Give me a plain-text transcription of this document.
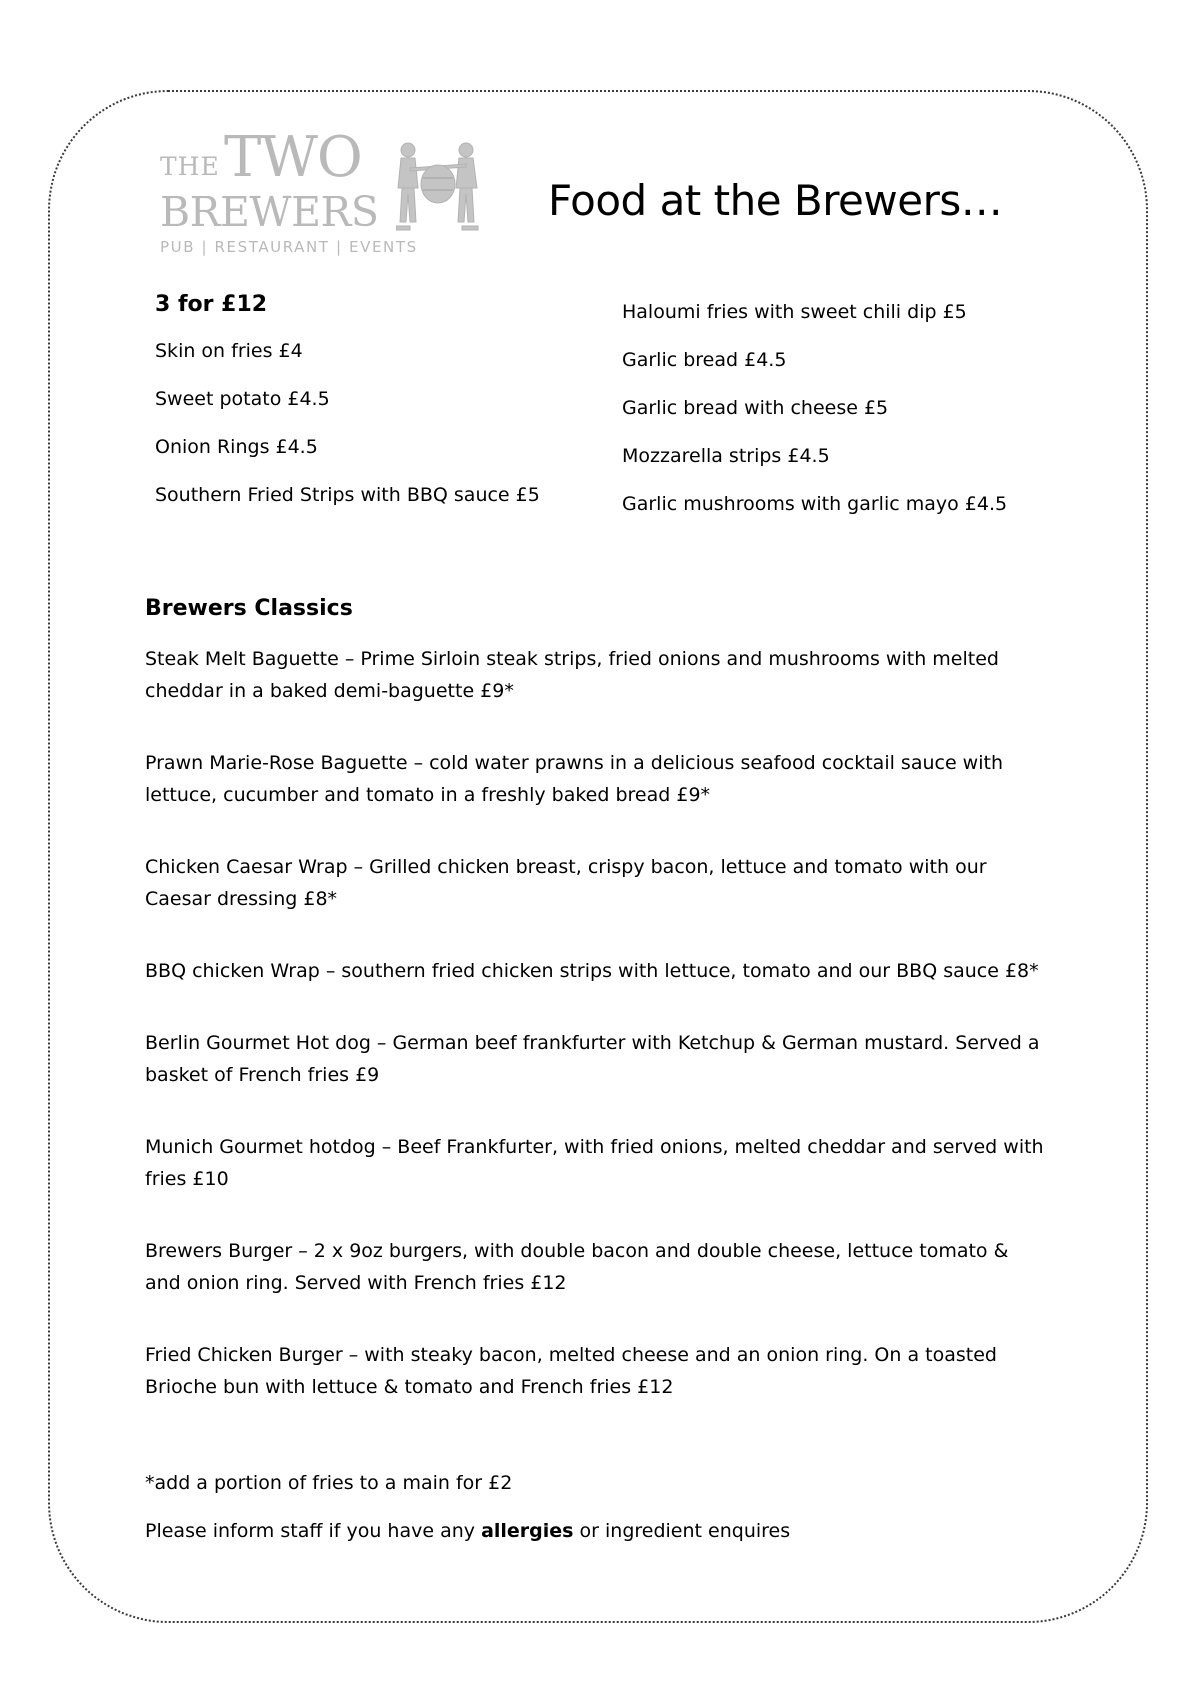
THE TWO
BREWERS
PUB | RESTAURANT | EVENTS
Food at the Brewers…
3 for £12
Skin on fries £4
Sweet potato £4.5
Onion Rings £4.5
Southern Fried Strips with BBQ sauce £5
Haloumi fries with sweet chili dip £5
Garlic bread £4.5
Garlic bread with cheese £5
Mozzarella strips £4.5
Garlic mushrooms with garlic mayo £4.5
Brewers Classics
Steak Melt Baguette – Prime Sirloin steak strips, fried onions and mushrooms with melted cheddar in a baked demi-baguette £9*
Prawn Marie-Rose Baguette – cold water prawns in a delicious seafood cocktail sauce with lettuce, cucumber and tomato in a freshly baked bread £9*
Chicken Caesar Wrap – Grilled chicken breast, crispy bacon, lettuce and tomato with our Caesar dressing £8*
BBQ chicken Wrap – southern fried chicken strips with lettuce, tomato and our BBQ sauce £8*
Berlin Gourmet Hot dog – German beef frankfurter with Ketchup & German mustard. Served a basket of French fries £9
Munich Gourmet hotdog – Beef Frankfurter, with fried onions, melted cheddar and served with fries £10
Brewers Burger – 2 x 9oz burgers, with double bacon and double cheese, lettuce tomato & and onion ring. Served with French fries £12
Fried Chicken Burger – with steaky bacon, melted cheese and an onion ring. On a toasted Brioche bun with lettuce & tomato and French fries £12
*add a portion of fries to a main for £2
Please inform staff if you have any allergies or ingredient enquires
